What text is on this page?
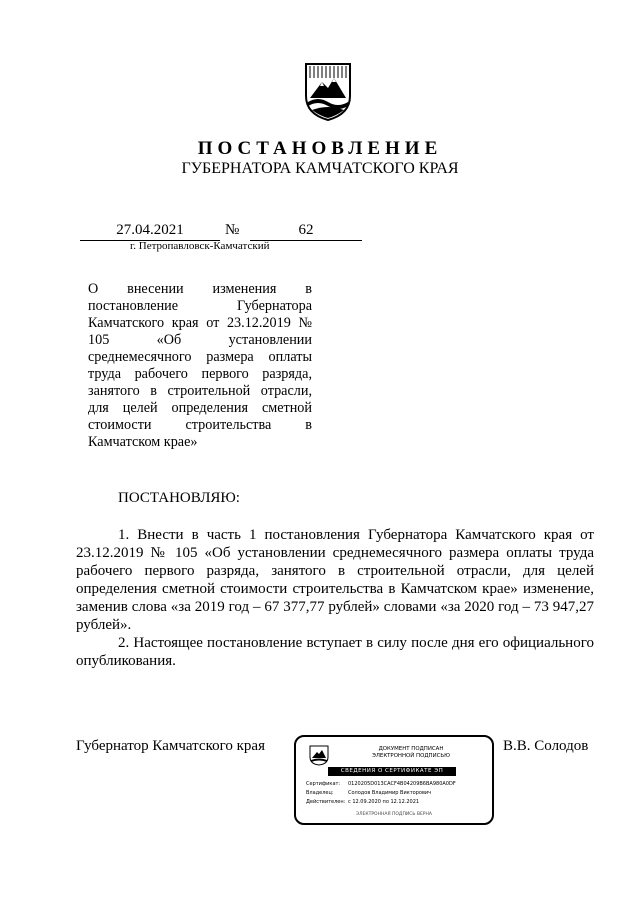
ПОСТАНОВЛЕНИЕ
ГУБЕРНАТОРА КАМЧАТСКОГО КРАЯ
27.04.2021	№	62
г. Петропавловск-Камчатский
О внесении изменения в постановление Губернатора Камчатского края от 23.12.2019 № 105 «Об установлении среднемесячного размера оплаты труда рабочего первого разряда, занятого в строительной отрасли, для целей определения сметной стоимости строительства в Камчатском крае»
ПОСТАНОВЛЯЮ:
1. Внести в часть 1 постановления Губернатора Камчатского края от 23.12.2019 № 105 «Об установлении среднемесячного размера оплаты труда рабочего первого разряда, занятого в строительной отрасли, для целей определения сметной стоимости строительства в Камчатском крае» изменение, заменив слова «за 2019 год – 67 377,77 рублей» словами «за 2020 год – 73 947,27 рублей».
2. Настоящее постановление вступает в силу после дня его официального опубликования.
Губернатор Камчатского края	В.В. Солодов
ДОКУМЕНТ ПОДПИСАН
ЭЛЕКТРОННОЙ ПОДПИСЬЮ
СВЕДЕНИЯ О СЕРТИФИКАТЕ ЭП
Сертификат: 0120205D013CACF4B04209B6BA980A0DF
Владелец:	Солодов Владимир Викторович
Действителен: с 12.09.2020 по 12.12.2021
ЭЛЕКТРОННАЯ ПОДПИСЬ ВЕРНА
